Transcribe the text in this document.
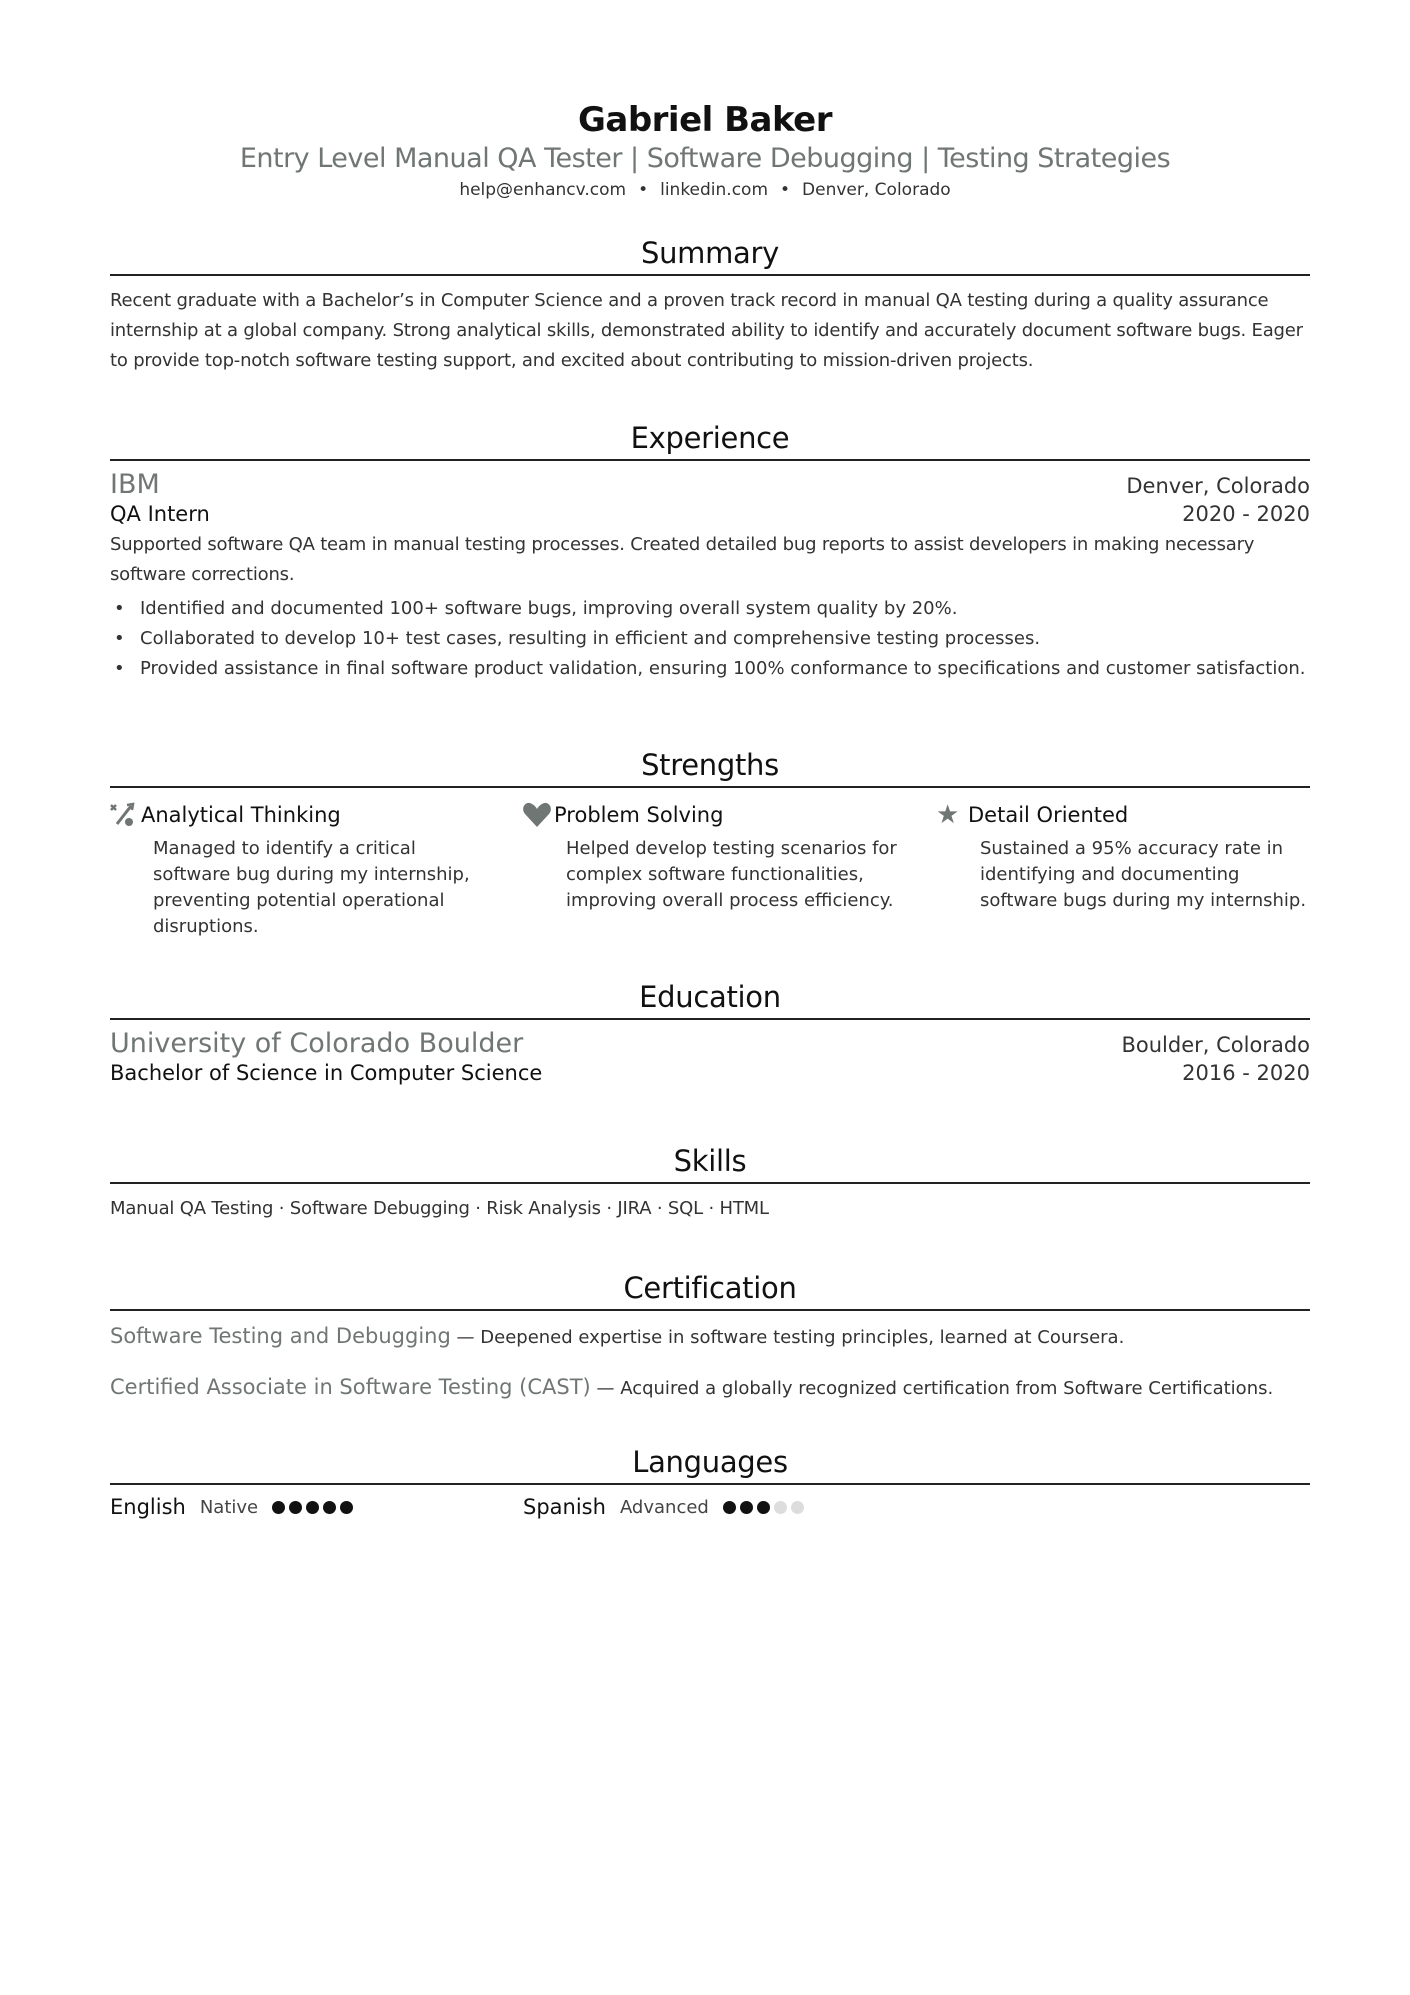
Gabriel Baker
Entry Level Manual QA Tester | Software Debugging | Testing Strategies
help@enhancv.com • linkedin.com • Denver, Colorado
Summary

Recent graduate with a Bachelor’s in Computer Science and a proven track record in manual QA testing during a quality assurance internship at a global company. Strong analytical skills, demonstrated ability to identify and accurately document software bugs. Eager to provide top-notch software testing support, and excited about contributing to mission-driven projects.

Experience
IBM	Denver, Colorado
QA Intern	2020 - 2020

Supported software QA team in manual testing processes. Created detailed bug reports to assist developers in making necessary software corrections.

• Identified and documented 100+ software bugs, improving overall system quality by 20%.
• Collaborated to develop 10+ test cases, resulting in efficient and comprehensive testing processes.
• Provided assistance in final software product validation, ensuring 100% conformance to specifications and customer satisfaction.
Strengths
Analytical Thinking

Managed to identify a critical software bug during my internship, preventing potential operational disruptions.

Problem Solving

Helped develop testing scenarios for complex software functionalities, improving overall process efficiency.

★ Detail Oriented

Sustained a 95% accuracy rate in identifying and documenting software bugs during my internship.

Education
University of Colorado Boulder	Boulder, Colorado
Bachelor of Science in Computer Science	2016 - 2020
Skills

Manual QA Testing · Software Debugging · Risk Analysis · JIRA · SQL · HTML

Certification
Software Testing and Debugging — Deepened expertise in software testing principles, learned at Coursera.
Certified Associate in Software Testing (CAST) — Acquired a globally recognized certification from Software Certifications.
Languages
English Native	Spanish Advanced
